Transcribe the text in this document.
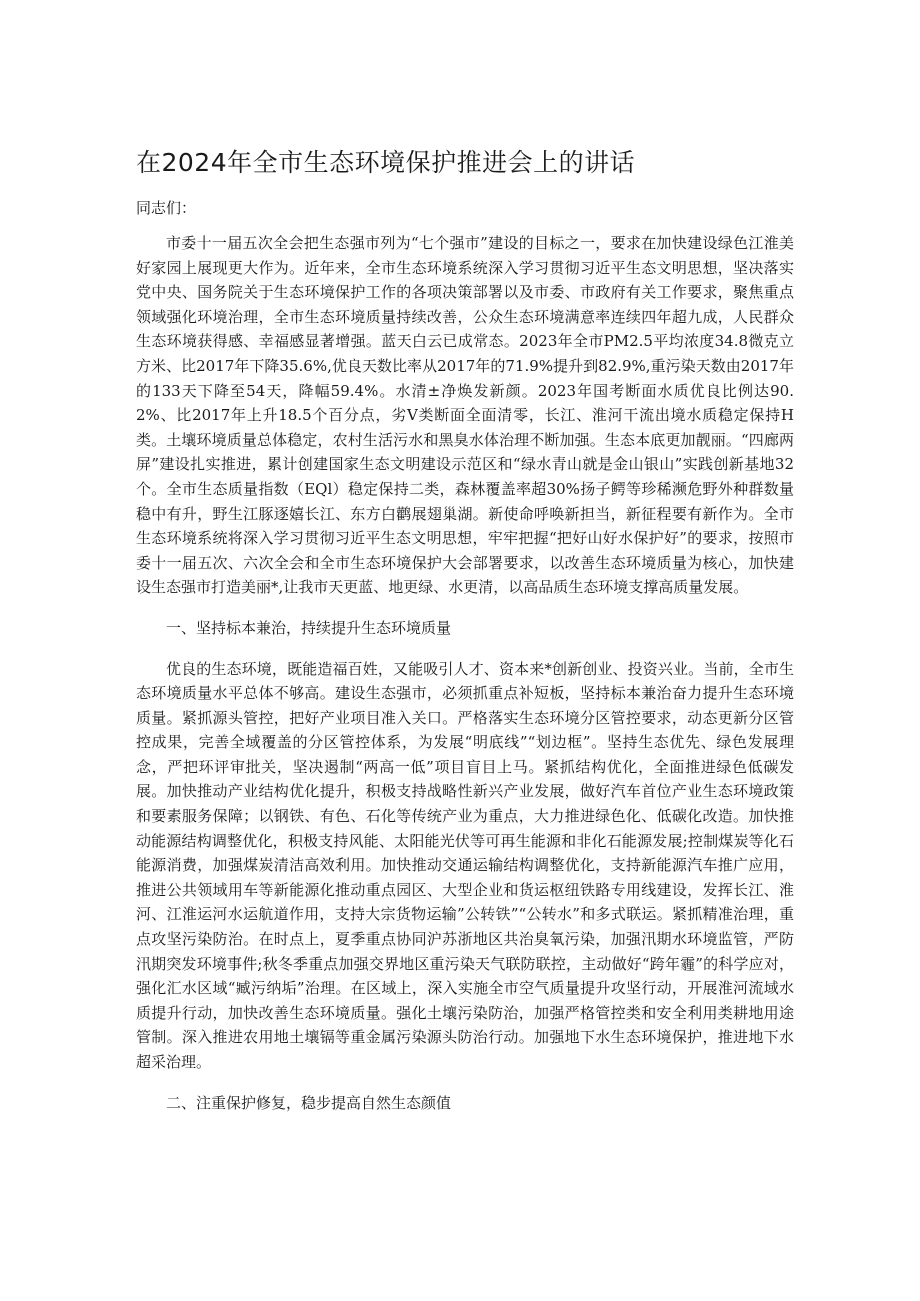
在2024年全市生态环境保护推进会上的讲话

同志们：

市委十一届五次全会把生态强市列为“七个强市”建设的目标之一，要求在加快建设绿色江淮美好家园上展现更大作为。近年来，全市生态环境系统深入学习贯彻习近平生态文明思想，坚决落实党中央、国务院关于生态环境保护工作的各项决策部署以及市委、市政府有关工作要求，聚焦重点领域强化环境治理，全市生态环境质量持续改善，公众生态环境满意率连续四年超九成，人民群众生态环境获得感、幸福感显著增强。蓝天白云已成常态。2023年全市PM2.5平均浓度34.8微克立方米、比2017年下降35.6%,优良天数比率从2017年的71.9%提升到82.9%,重污染天数由2017年的133天下降至54天，降幅59.4%。水清±净焕发新颜。2023年国考断面水质优良比例达90.2%、比2017年上升18.5个百分点，劣V类断面全面清零，长江、淮河干流出境水质稳定保持H类。土壤环境质量总体稳定，农村生活污水和黑臭水体治理不断加强。生态本底更加靓丽。“四廊两屏”建设扎实推进，累计创建国家生态文明建设示范区和“绿水青山就是金山银山”实践创新基地32个。全市生态质量指数（EQl）稳定保持二类，森林覆盖率超30%扬子鳄等珍稀濒危野外种群数量稳中有升，野生江豚逐嬉长江、东方白鹳展翅巢湖。新使命呼唤新担当，新征程要有新作为。全市生态环境系统将深入学习贯彻习近平生态文明思想，牢牢把握“把好山好水保护好”的要求，按照市委十一届五次、六次全会和全市生态环境保护大会部署要求，以改善生态环境质量为核心，加快建设生态强市打造美丽*,让我市天更蓝、地更绿、水更清，以高品质生态环境支撑高质量发展。

一、坚持标本兼治，持续提升生态环境质量

优良的生态环境，既能造福百姓，又能吸引人才、资本来*创新创业、投资兴业。当前，全市生态环境质量水平总体不够高。建设生态强市，必须抓重点补短板，坚持标本兼治奋力提升生态环境质量。紧抓源头管控，把好产业项目准入关口。严格落实生态环境分区管控要求，动态更新分区管控成果，完善全域覆盖的分区管控体系，为发展“明底线”“划边框”。坚持生态优先、绿色发展理念，严把环评审批关，坚决遏制“两高一低”项目盲目上马。紧抓结构优化，全面推进绿色低碳发展。加快推动产业结构优化提升，积极支持战略性新兴产业发展，做好汽车首位产业生态环境政策和要素服务保障；以钢铁、有色、石化等传统产业为重点，大力推进绿色化、低碳化改造。加快推动能源结构调整优化，积极支持风能、太阳能光伏等可再生能源和非化石能源发展;控制煤炭等化石能源消费，加强煤炭清洁高效利用。加快推动交通运输结构调整优化，支持新能源汽车推广应用，推进公共领域用车等新能源化推动重点园区、大型企业和货运枢纽铁路专用线建设，发挥长江、淮河、江淮运河水运航道作用，支持大宗货物运输”公转铁”“公转水”和多式联运。紧抓精准治理，重点攻坚污染防治。在时点上，夏季重点协同沪苏浙地区共治臭氧污染，加强汛期水环境监管，严防汛期突发环境事件;秋冬季重点加强交界地区重污染天气联防联控，主动做好“跨年霾”的科学应对，强化汇水区域“臧污纳垢”治理。在区域上，深入实施全市空气质量提升攻坚行动，开展淮河流域水质提升行动，加快改善生态环境质量。强化土壤污染防治，加强严格管控类和安全利用类耕地用途管制。深入推进农用地土壤镉等重金属污染源头防治行动。加强地下水生态环境保护，推进地下水超采治理。

二、注重保护修复，稳步提高自然生态颜值
